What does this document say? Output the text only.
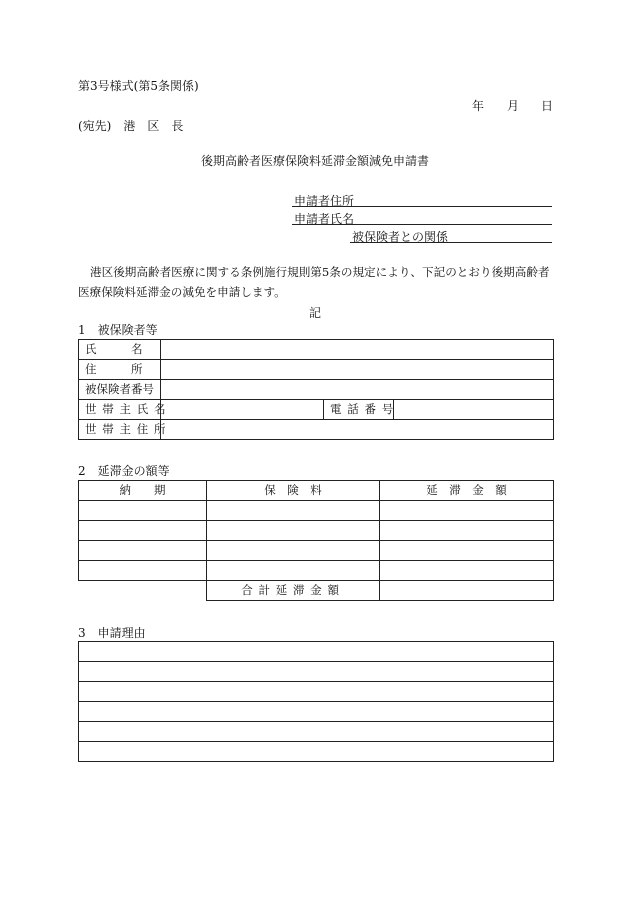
第3号様式(第5条関係)
年 月 日
(宛先)　港　区　長
後期高齢者医療保険料延滞金額減免申請書
申請者住所
申請者氏名
被保険者との関係
港区後期高齢者医療に関する条例施行規則第5条の規定により、下記のとおり後期高齢者
医療保険料延滞金の減免を申請します。
記
1　被保険者等
氏　　　名			
住　　　所			
被保険者番号			
世帯主氏名		電話番号	
世帯主住所			
2　延滞金の額等
納　　期	保　険　料	延　滞　金　額

	合計延滞金額	
3　申請理由
